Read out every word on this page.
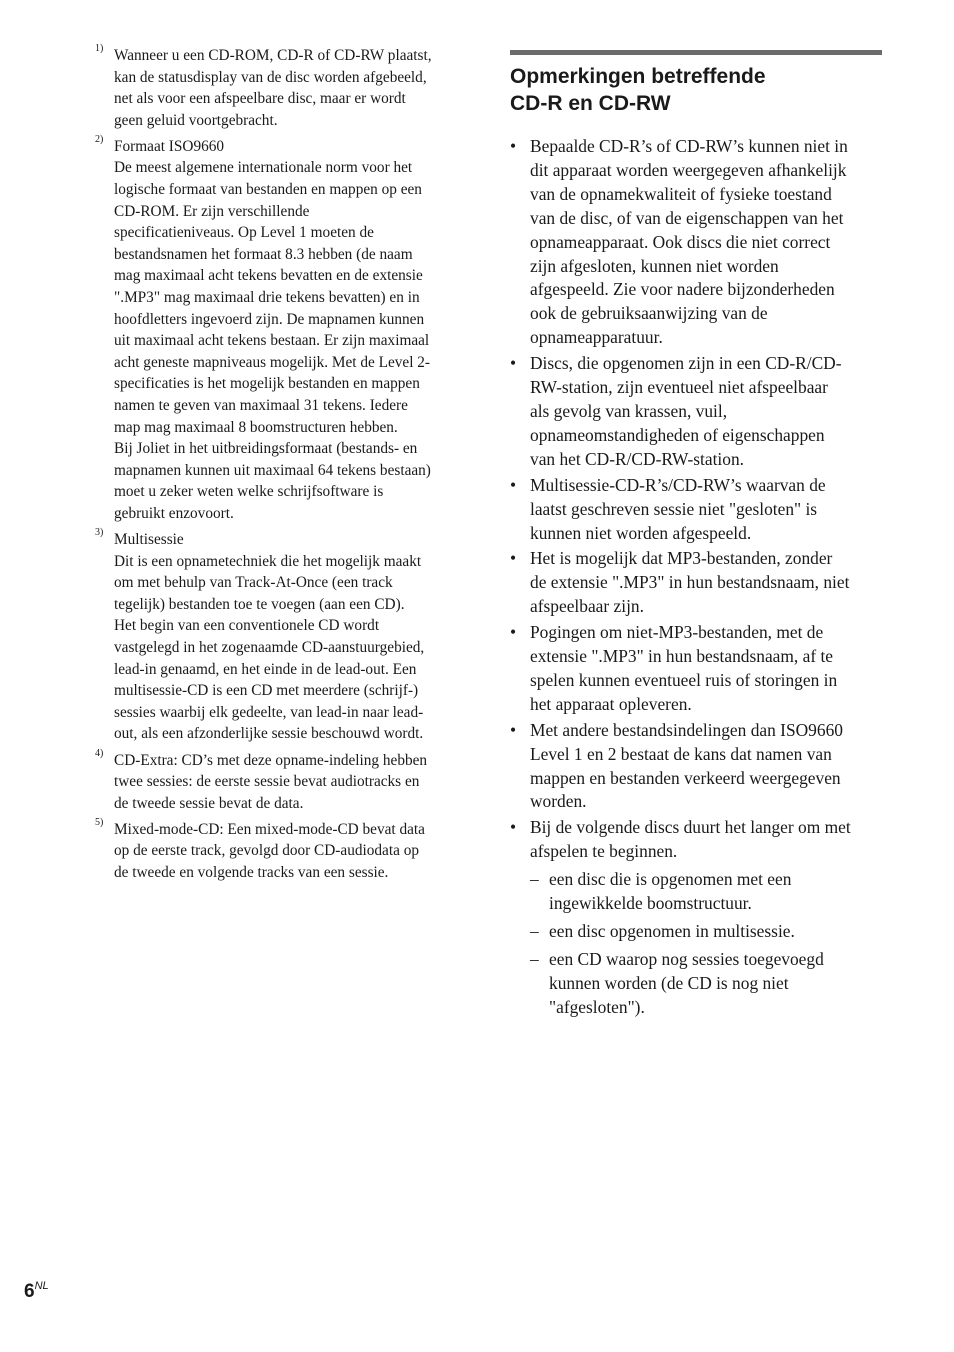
1) Wanneer u een CD-ROM, CD-R of CD-RW plaatst,
kan de statusdisplay van de disc worden afgebeeld,
net als voor een afspeelbare disc, maar er wordt
geen geluid voortgebracht.
2) Formaat ISO9660
De meest algemene internationale norm voor het
logische formaat van bestanden en mappen op een
CD-ROM. Er zijn verschillende
specificatieniveaus. Op Level 1 moeten de
bestandsnamen het formaat 8.3 hebben (de naam
mag maximaal acht tekens bevatten en de extensie
".MP3" mag maximaal drie tekens bevatten) en in
hoofdletters ingevoerd zijn. De mapnamen kunnen
uit maximaal acht tekens bestaan. Er zijn maximaal
acht geneste mapniveaus mogelijk. Met de Level 2-
specificaties is het mogelijk bestanden en mappen
namen te geven van maximaal 31 tekens. Iedere
map mag maximaal 8 boomstructuren hebben.
Bij Joliet in het uitbreidingsformaat (bestands- en
mapnamen kunnen uit maximaal 64 tekens bestaan)
moet u zeker weten welke schrijfsoftware is
gebruikt enzovoort.
3) Multisessie
Dit is een opnametechniek die het mogelijk maakt
om met behulp van Track-At-Once (een track
tegelijk) bestanden toe te voegen (aan een CD).
Het begin van een conventionele CD wordt
vastgelegd in het zogenaamde CD-aanstuurgebied,
lead-in genaamd, en het einde in de lead-out. Een
multisessie-CD is een CD met meerdere (schrijf-)
sessies waarbij elk gedeelte, van lead-in naar lead-
out, als een afzonderlijke sessie beschouwd wordt.
4) CD-Extra: CD’s met deze opname-indeling hebben
twee sessies: de eerste sessie bevat audiotracks en
de tweede sessie bevat de data.
5) Mixed-mode-CD: Een mixed-mode-CD bevat data
op de eerste track, gevolgd door CD-audiodata op
de tweede en volgende tracks van een sessie.
Opmerkingen betreffende
CD-R en CD-RW
• Bepaalde CD-R’s of CD-RW’s kunnen niet in
dit apparaat worden weergegeven afhankelijk
van de opnamekwaliteit of fysieke toestand
van de disc, of van de eigenschappen van het
opnameapparaat. Ook discs die niet correct
zijn afgesloten, kunnen niet worden
afgespeeld. Zie voor nadere bijzonderheden
ook de gebruiksaanwijzing van de
opnameapparatuur.
• Discs, die opgenomen zijn in een CD-R/CD-
RW-station, zijn eventueel niet afspeelbaar
als gevolg van krassen, vuil,
opnameomstandigheden of eigenschappen
van het CD-R/CD-RW-station.
• Multisessie-CD-R’s/CD-RW’s waarvan de
laatst geschreven sessie niet "gesloten" is
kunnen niet worden afgespeeld.
• Het is mogelijk dat MP3-bestanden, zonder
de extensie ".MP3" in hun bestandsnaam, niet
afspeelbaar zijn.
• Pogingen om niet-MP3-bestanden, met de
extensie ".MP3" in hun bestandsnaam, af te
spelen kunnen eventueel ruis of storingen in
het apparaat opleveren.
• Met andere bestandsindelingen dan ISO9660
Level 1 en 2 bestaat de kans dat namen van
mappen en bestanden verkeerd weergegeven
worden.
• Bij de volgende discs duurt het langer om met
afspelen te beginnen.
– een disc die is opgenomen met een
ingewikkelde boomstructuur.
– een disc opgenomen in multisessie.
– een CD waarop nog sessies toegevoegd
kunnen worden (de CD is nog niet
"afgesloten").
$6^{NL}$
